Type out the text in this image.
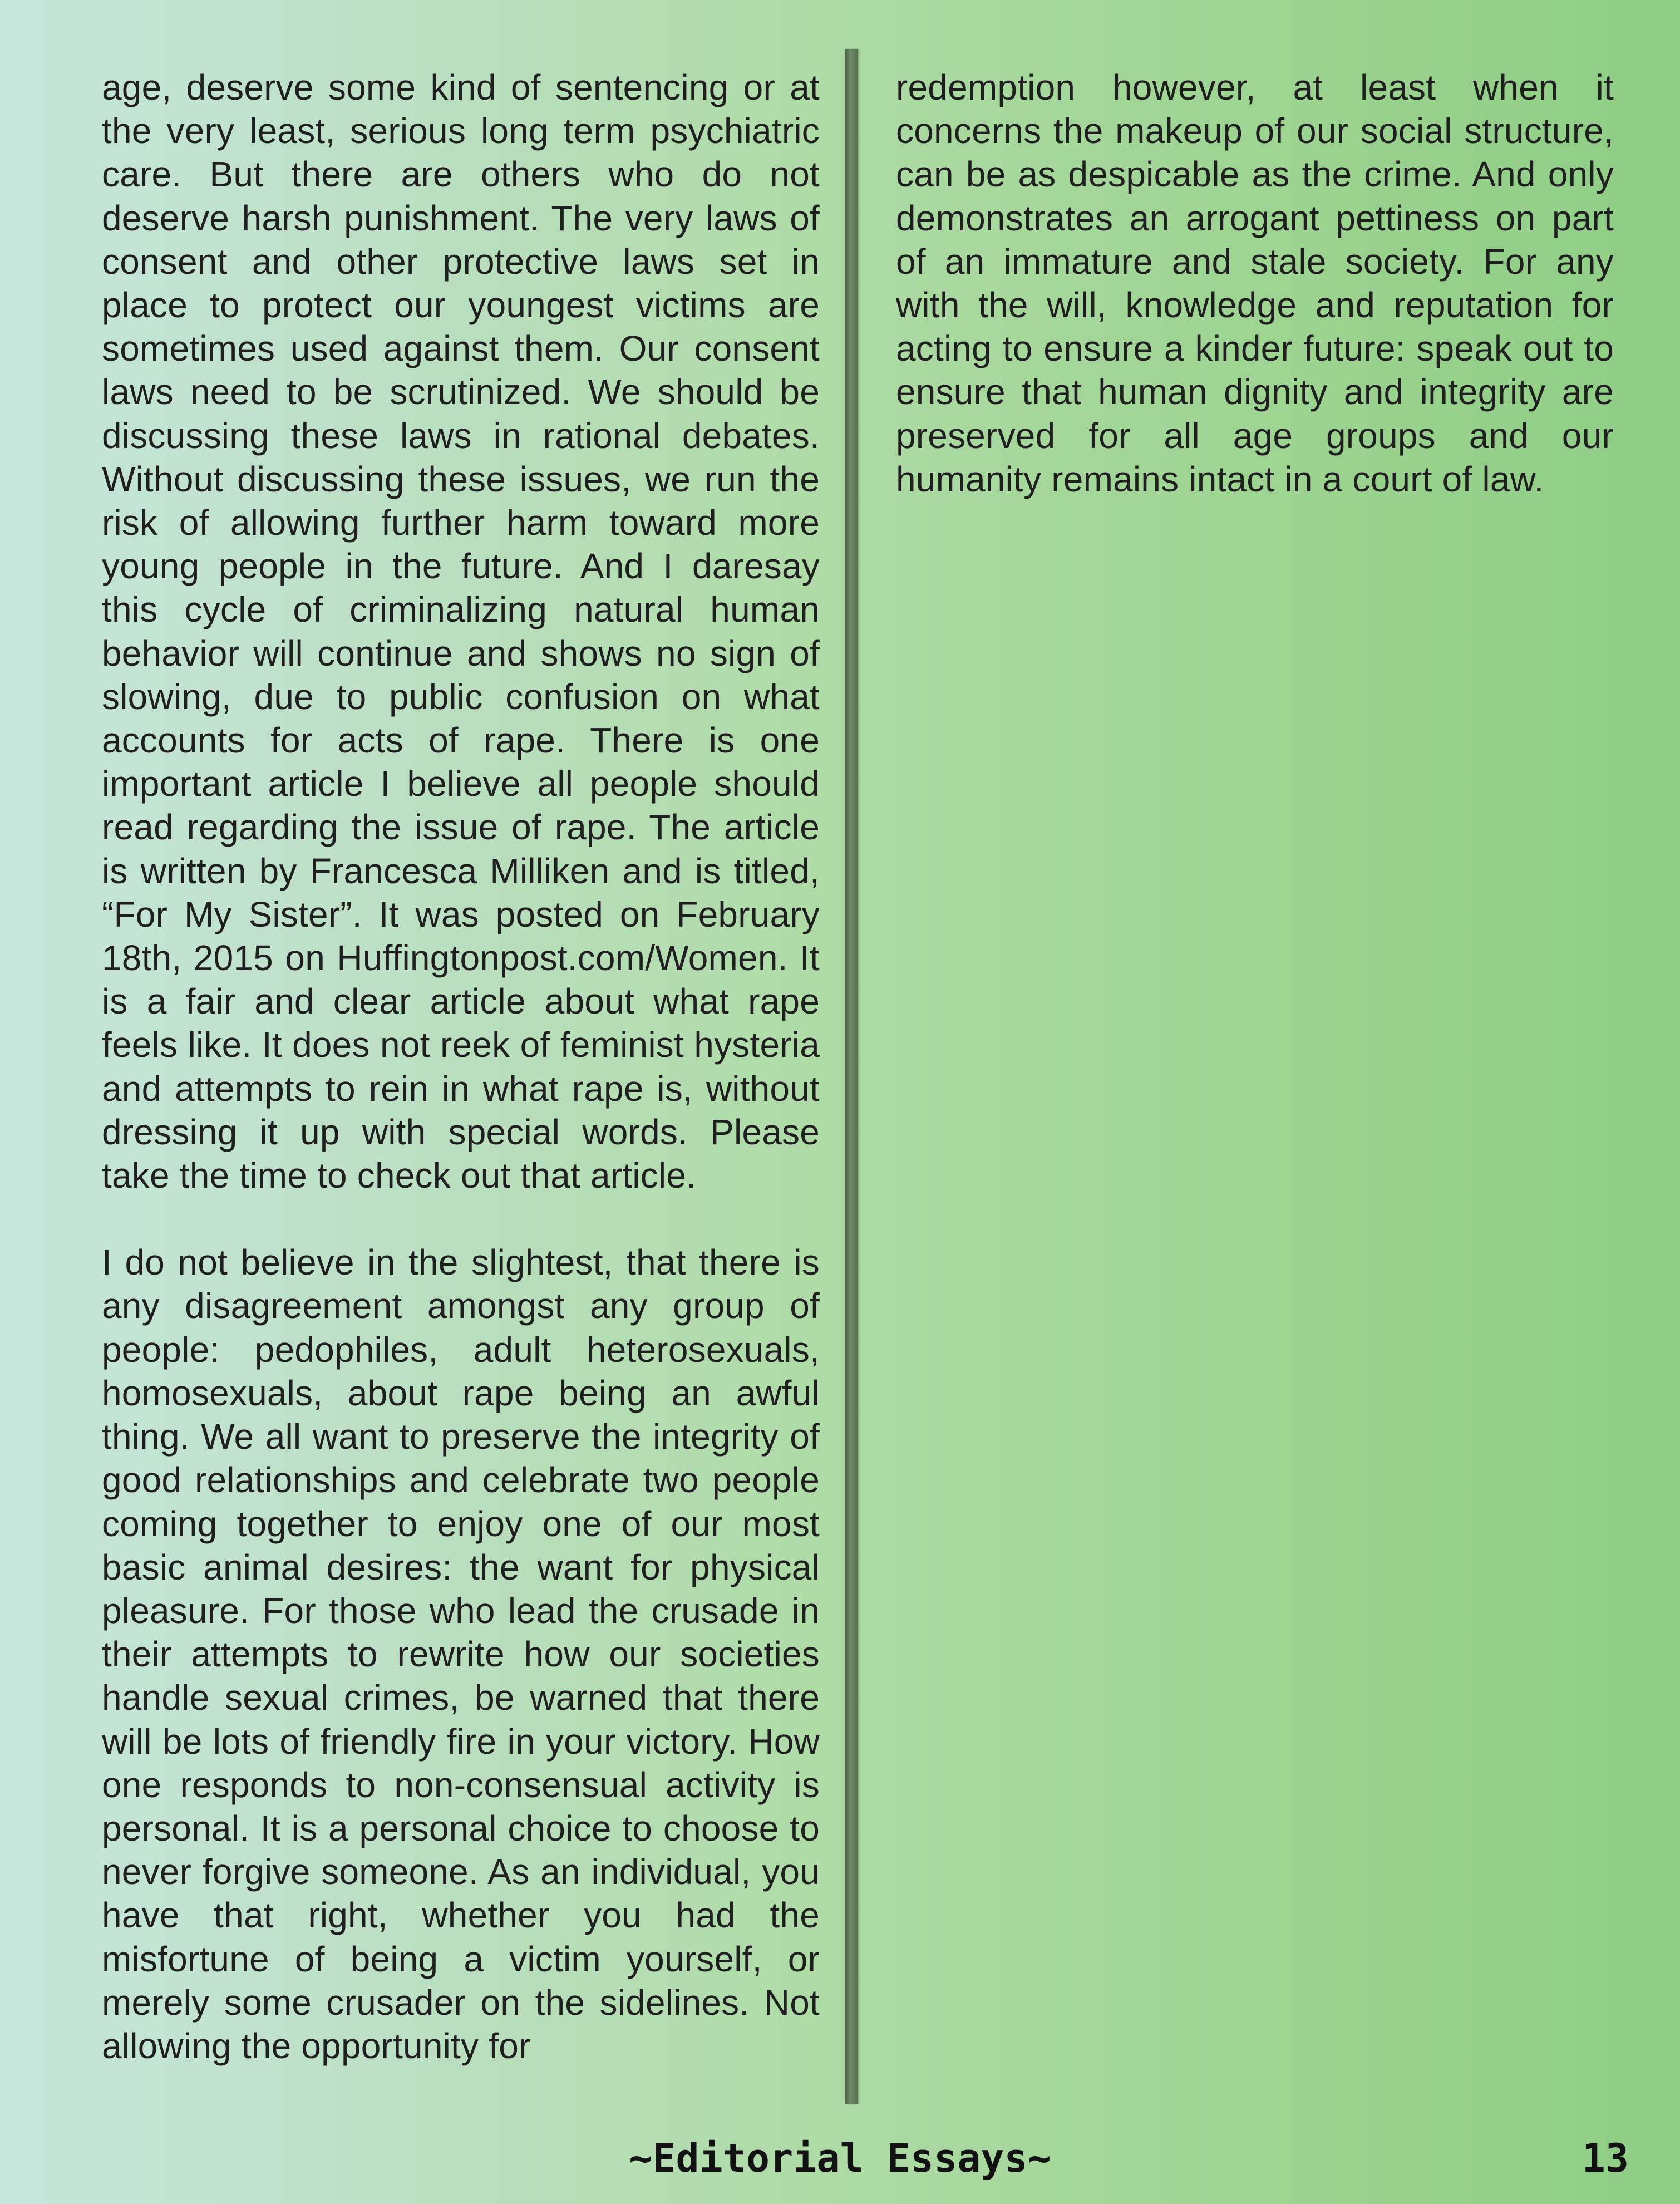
age, deserve some kind of sentencing or at the very least, serious long term psychiatric care. But there are others who do not deserve harsh punishment. The very laws of consent and other protective laws set in place to protect our youngest victims are sometimes used against them. Our consent laws need to be scrutinized. We should be discussing these laws in rational debates. Without discussing these issues, we run the risk of allowing further harm toward more young people in the future. And I daresay this cycle of criminalizing natural human behavior will continue and shows no sign of slowing, due to public confusion on what accounts for acts of rape. There is one important article I believe all people should read regarding the issue of rape. The article is written by Francesca Milliken and is titled, “For My Sister”. It was posted on February 18th, 2015 on Huffingtonpost.com/Women. It is a fair and clear article about what rape feels like. It does not reek of feminist hysteria and attempts to rein in what rape is, without dressing it up with special words. Please take the time to check out that article.

I do not believe in the slightest, that there is any disagreement amongst any group of people: pedophiles, adult heterosexuals, homosexuals, about rape being an awful thing. We all want to preserve the integrity of good relationships and celebrate two people coming together to enjoy one of our most basic animal desires: the want for physical pleasure. For those who lead the crusade in their attempts to rewrite how our societies handle sexual crimes, be warned that there will be lots of friendly fire in your victory. How one responds to non-consensual activity is personal. It is a personal choice to choose to never forgive someone. As an individual, you have that right, whether you had the misfortune of being a victim yourself, or merely some crusader on the sidelines. Not allowing the opportunity for

redemption however, at least when it concerns the makeup of our social structure, can be as despicable as the crime. And only demonstrates an arrogant pettiness on part of an immature and stale society. For any with the will, knowledge and reputation for acting to ensure a kinder future: speak out to ensure that human dignity and integrity are preserved for all age groups and our humanity remains intact in a court of law.

~Editorial Essays~	13
